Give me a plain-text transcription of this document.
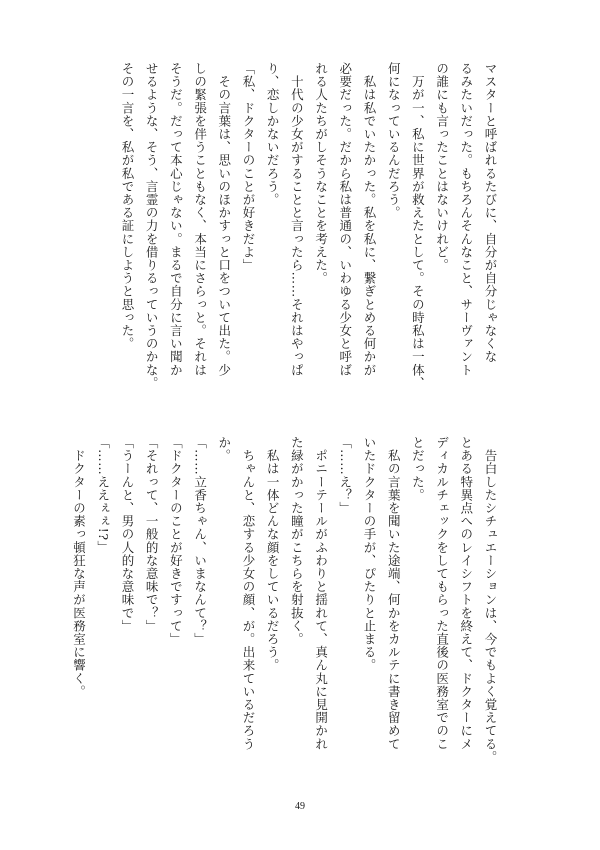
マスターと呼ばれるたびに、自分が自分じゃなくな
るみたいだった。もちろんそんなこと、サーヴァント
の誰にも言ったことはないけれど。
　万が一、私に世界が救えたとして。その時私は一体、
何になっているんだろう。
　私は私でいたかった。私を私に、繋ぎとめる何かが
必要だった。だから私は普通の、いわゆる少女と呼ば
れる人たちがしそうなことを考えた。
　十代の少女がすることと言ったら……それはやっぱ
り、恋しかないだろう。
「私、ドクターのことが好きだよ」
　その言葉は、思いのほかすっと口をついて出た。少
しの緊張を伴うこともなく、本当にさらっと。それは
そうだ。だって本心じゃない。まるで自分に言い聞か
せるような、そう、言霊の力を借りるっていうのかな。
その一言を、私が私である証にしようと思った。
　告白したシチュエーションは、今でもよく覚えてる。
とある特異点へのレイシフトを終えて、ドクターにメ
ディカルチェックをしてもらった直後の医務室でのこ
とだった。
　私の言葉を聞いた途端、何かをカルテに書き留めて
いたドクターの手が、ぴたりと止まる。
「……え？」
　ポニーテールがふわりと揺れて、真ん丸に見開かれ
た緑がかった瞳がこちらを射抜く。
　私は一体どんな顔をしているだろう。
　ちゃんと、恋する少女の顔、が。出来ているだろう
か。
「……立香ちゃん、いまなんて？」
「ドクターのことが好きですって」
「それって、一般的な意味で？」
「うーんと、男の人的な意味で」
「……ええぇぇ!?」
　ドクターの素っ頓狂な声が医務室に響く。
49
